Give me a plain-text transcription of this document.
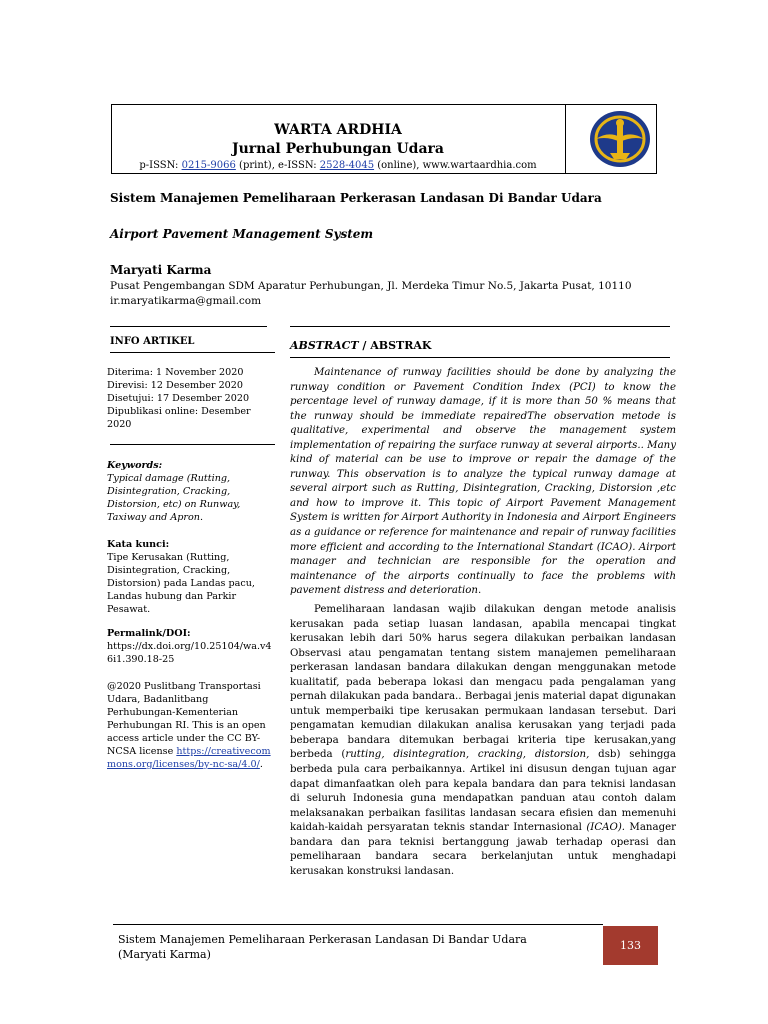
WARTA ARDHIA
Jurnal Perhubungan Udara
p-ISSN: 0215-9066 (print), e-ISSN: 2528-4045 (online), www.wartaardhia.com
Sistem Manajemen Pemeliharaan Perkerasan Landasan Di Bandar Udara
Airport Pavement Management System
Maryati Karma
Pusat Pengembangan SDM Aparatur Perhubungan, Jl. Merdeka Timur No.5, Jakarta Pusat, 10110
ir.maryatikarma@gmail.com
INFO ARTIKEL
Diterima: 1 November 2020
Direvisi: 12 Desember 2020
Disetujui: 17 Desember 2020
Dipublikasi online: Desember 2020
Keywords:
Typical damage (Rutting, Disintegration, Cracking, Distorsion, etc) on Runway, Taxiway and Apron.
Kata kunci:
Tipe Kerusakan (Rutting, Disintegration, Cracking, Distorsion) pada Landas pacu, Landas hubung dan Parkir Pesawat.
Permalink/DOI:
https://dx.doi.org/10.25104/wa.v46i1.390.18-25
@2020 Puslitbang Transportasi Udara, Badanlitbang Perhubungan-Kementerian Perhubungan RI. This is an open access article under the CC BY-NCSA license https://creativecommons.org/licenses/by-nc-sa/4.0/.
ABSTRACT / ABSTRAK
Maintenance of runway facilities should be done by analyzing the runway condition or Pavement Condition Index (PCI) to know the percentage level of runway damage, if it is more than 50 % means that the runway should be immediate repairedThe observation metode is qualitative, experimental and observe the management system implementation of repairing the surface runway at several airports.. Many kind of material can be use to improve or repair the damage of the runway. This observation is to analyze the typical runway damage at several airport such as Rutting, Disintegration, Cracking, Distorsion ,etc and how to improve it. This topic of Airport Pavement Management System is written for Airport Authority in Indonesia and Airport Engineers as a guidance or reference for maintenance and repair of runway facilities more efficient and according to the International Standart (ICAO). Airport manager and technician are responsible for the operation and maintenance of the airports continually to face the problems with pavement distress and deterioration.
Pemeliharaan landasan wajib dilakukan dengan metode analisis kerusakan pada setiap luasan landasan, apabila mencapai tingkat kerusakan lebih dari 50% harus segera dilakukan perbaikan landasan Observasi atau pengamatan tentang sistem manajemen pemeliharaan perkerasan landasan bandara dilakukan dengan menggunakan metode kualitatif, pada beberapa lokasi dan mengacu pada pengalaman yang pernah dilakukan pada bandara.. Berbagai jenis material dapat digunakan untuk memperbaiki tipe kerusakan permukaan landasan tersebut. Dari pengamatan kemudian dilakukan analisa kerusakan yang terjadi pada beberapa bandara ditemukan berbagai kriteria tipe kerusakan,yang berbeda (rutting, disintegration, cracking, distorsion, dsb) sehingga berbeda pula cara perbaikannya. Artikel ini disusun dengan tujuan agar dapat dimanfaatkan oleh para kepala bandara dan para teknisi landasan di seluruh Indonesia guna mendapatkan panduan atau contoh dalam melaksanakan perbaikan fasilitas landasan secara efisien dan memenuhi kaidah-kaidah persyaratan teknis standar Internasional (ICAO). Manager bandara dan para teknisi bertanggung jawab terhadap operasi dan pemeliharaan bandara secara berkelanjutan untuk menghadapi kerusakan konstruksi landasan.
Sistem Manajemen Pemeliharaan Perkerasan Landasan Di Bandar Udara
(Maryati Karma)
133
